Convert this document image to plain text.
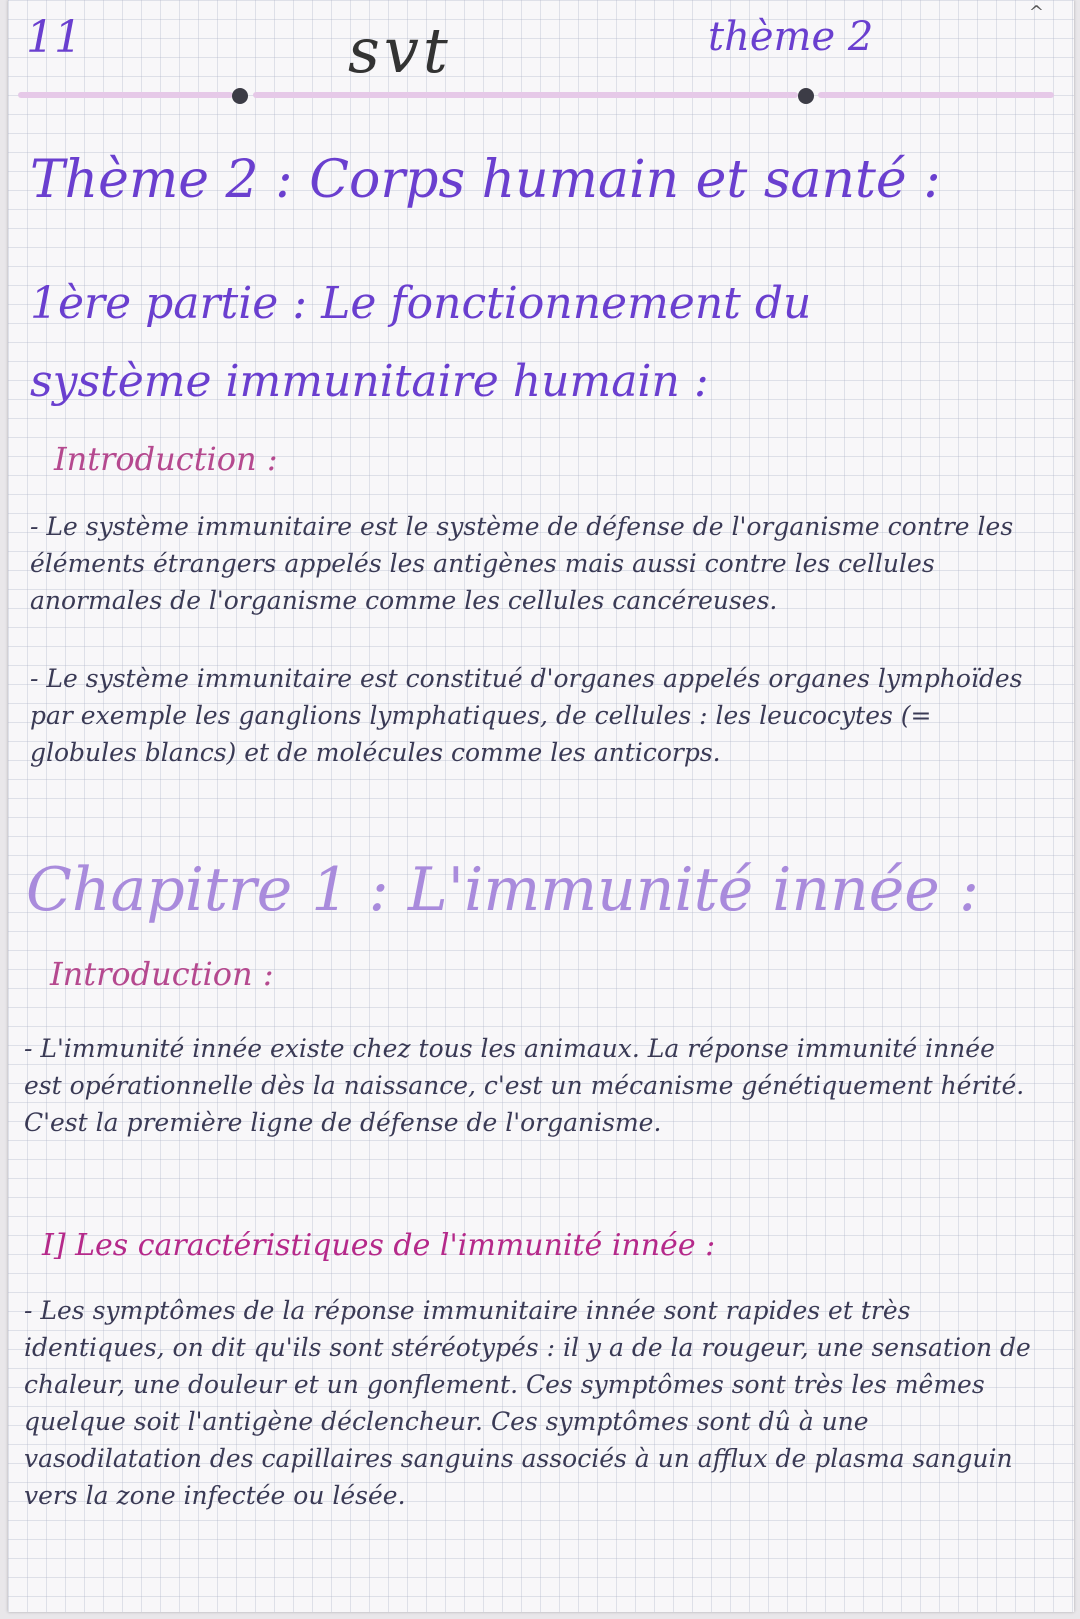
^
11	svt	thème 2
Thème 2 : Corps humain et santé :
1ère partie : Le fonctionnement du système immunitaire humain :
Introduction :
- Le système immunitaire est le système de défense de l'organisme contre les éléments étrangers appelés les antigènes mais aussi contre les cellules anormales de l'organisme comme les cellules cancéreuses.
- Le système immunitaire est constitué d'organes appelés organes lymphoïdes par exemple les ganglions lymphatiques, de cellules : les leucocytes (= globules blancs) et de molécules comme les anticorps.
Chapitre 1 : L'immunité innée :
Introduction :
- L'immunité innée existe chez tous les animaux. La réponse immunité innée est opérationnelle dès la naissance, c'est un mécanisme génétiquement hérité. C'est la première ligne de défense de l'organisme.
I] Les caractéristiques de l'immunité innée :
- Les symptômes de la réponse immunitaire innée sont rapides et très identiques, on dit qu'ils sont stéréotypés : il y a de la rougeur, une sensation de chaleur, une douleur et un gonflement. Ces symptômes sont très les mêmes quelque soit l'antigène déclencheur. Ces symptômes sont dû à une vasodilatation des capillaires sanguins associés à un afflux de plasma sanguin vers la zone infectée ou lésée.
